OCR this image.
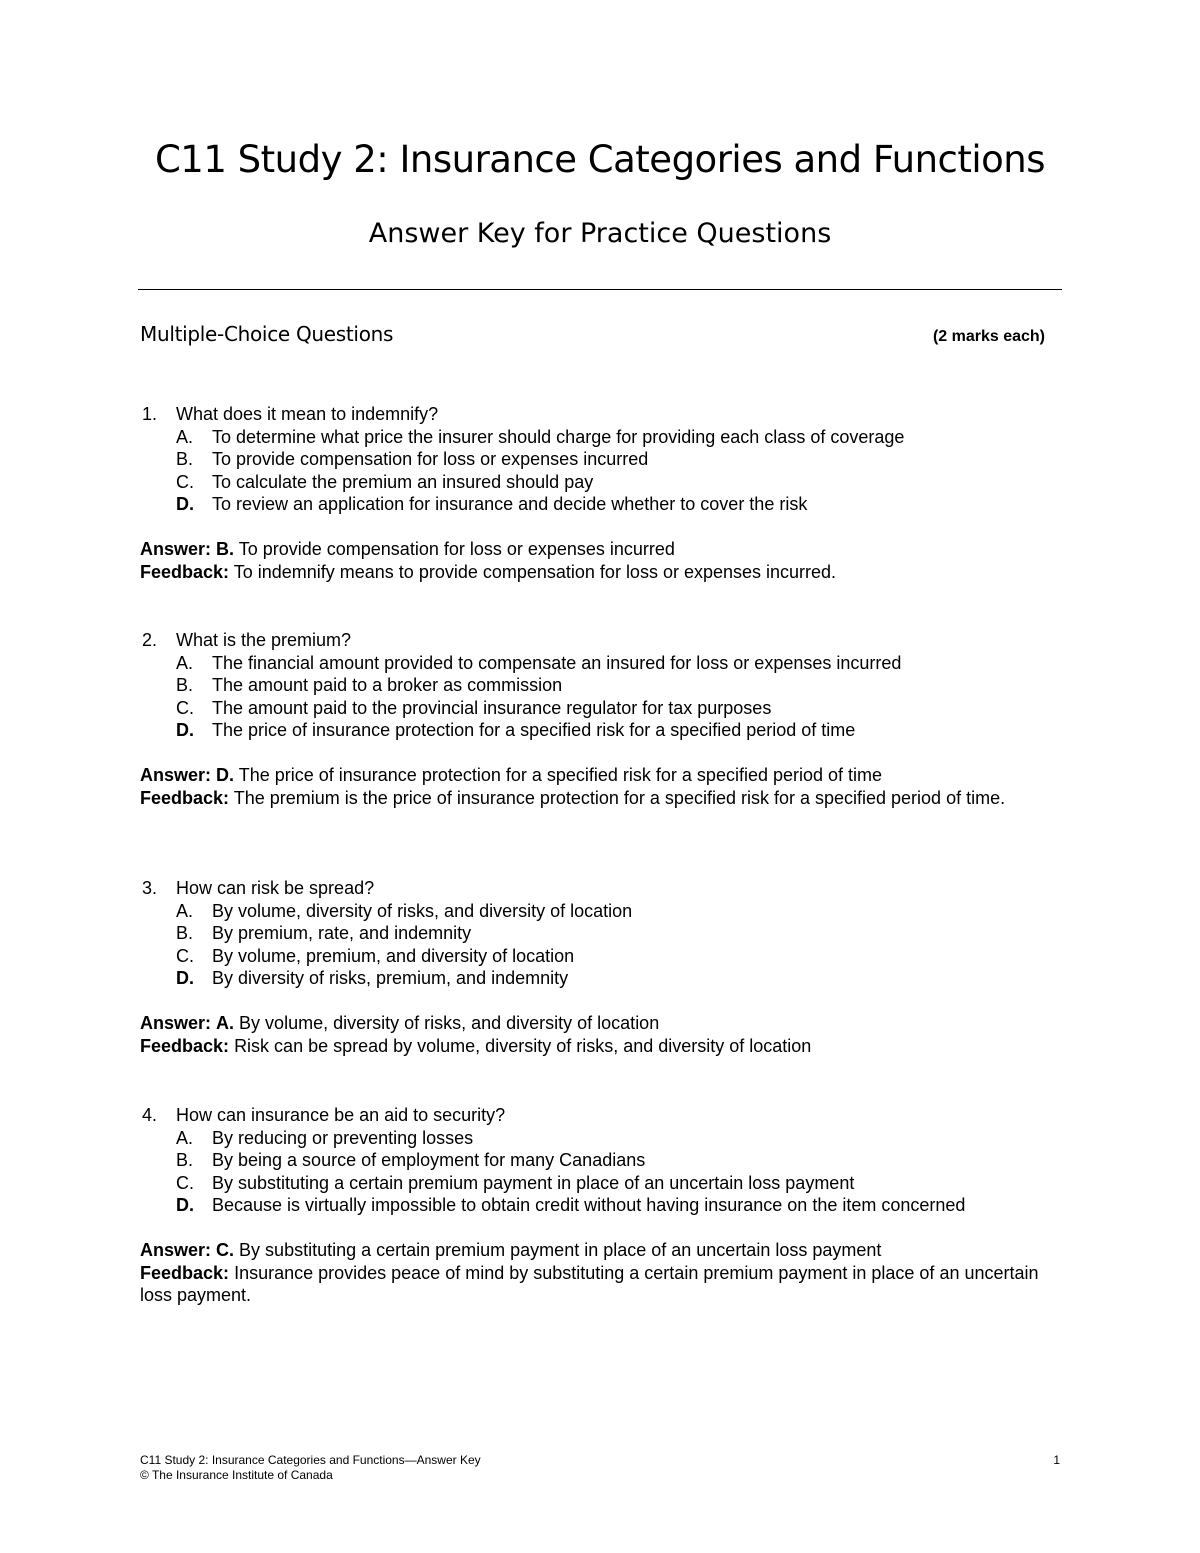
C11 Study 2: Insurance Categories and Functions
Answer Key for Practice Questions
Multiple-Choice Questions	(2 marks each)
1. What does it mean to indemnify?
A. To determine what price the insurer should charge for providing each class of coverage
B. To provide compensation for loss or expenses incurred
C. To calculate the premium an insured should pay
D. To review an application for insurance and decide whether to cover the risk
Answer: B. To provide compensation for loss or expenses incurred
Feedback: To indemnify means to provide compensation for loss or expenses incurred.
2. What is the premium?
A. The financial amount provided to compensate an insured for loss or expenses incurred
B. The amount paid to a broker as commission
C. The amount paid to the provincial insurance regulator for tax purposes
D. The price of insurance protection for a specified risk for a specified period of time
Answer: D. The price of insurance protection for a specified risk for a specified period of time
Feedback: The premium is the price of insurance protection for a specified risk for a specified period of time.
3. How can risk be spread?
A. By volume, diversity of risks, and diversity of location
B. By premium, rate, and indemnity
C. By volume, premium, and diversity of location
D. By diversity of risks, premium, and indemnity
Answer: A. By volume, diversity of risks, and diversity of location
Feedback: Risk can be spread by volume, diversity of risks, and diversity of location
4. How can insurance be an aid to security?
A. By reducing or preventing losses
B. By being a source of employment for many Canadians
C. By substituting a certain premium payment in place of an uncertain loss payment
D. Because is virtually impossible to obtain credit without having insurance on the item concerned
Answer: C. By substituting a certain premium payment in place of an uncertain loss payment
Feedback: Insurance provides peace of mind by substituting a certain premium payment in place of an uncertain loss payment.
C11 Study 2: Insurance Categories and Functions—Answer Key
© The Insurance Institute of Canada
1
